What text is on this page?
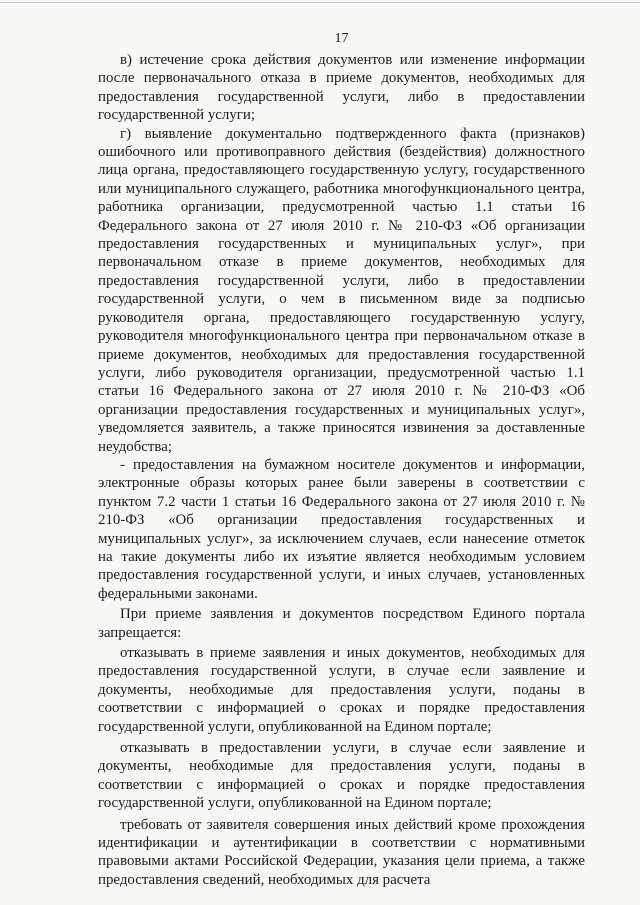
17

в) истечение срока действия документов или изменение информации после первоначального отказа в приеме документов, необходимых для предоставления государственной услуги, либо в предоставлении государственной услуги;

г) выявление документально подтвержденного факта (признаков) ошибочного или противоправного действия (бездействия) должностного лица органа, предоставляющего государственную услугу, государственного или муниципального служащего, работника многофункционального центра, работника организации, предусмотренной частью 1.1 статьи 16 Федерального закона от 27 июля 2010 г. № 210-ФЗ «Об организации предоставления государственных и муниципальных услуг», при первоначальном отказе в приеме документов, необходимых для предоставления государственной услуги, либо в предоставлении государственной услуги, о чем в письменном виде за подписью руководителя органа, предоставляющего государственную услугу, руководителя многофункционального центра при первоначальном отказе в приеме документов, необходимых для предоставления государственной услуги, либо руководителя организации, предусмотренной частью 1.1 статьи 16 Федерального закона от 27 июля 2010 г. № 210-ФЗ «Об организации предоставления государственных и муниципальных услуг», уведомляется заявитель, а также приносятся извинения за доставленные неудобства;

- предоставления на бумажном носителе документов и информации, электронные образы которых ранее были заверены в соответствии с пунктом 7.2 части 1 статьи 16 Федерального закона от 27 июля 2010 г. № 210-ФЗ «Об организации предоставления государственных и муниципальных услуг», за исключением случаев, если нанесение отметок на такие документы либо их изъятие является необходимым условием предоставления государственной услуги, и иных случаев, установленных федеральными законами.

При приеме заявления и документов посредством Единого портала запрещается:

отказывать в приеме заявления и иных документов, необходимых для предоставления государственной услуги, в случае если заявление и документы, необходимые для предоставления услуги, поданы в соответствии с информацией о сроках и порядке предоставления государственной услуги, опубликованной на Едином портале;

отказывать в предоставлении услуги, в случае если заявление и документы, необходимые для предоставления услуги, поданы в соответствии с информацией о сроках и порядке предоставления государственной услуги, опубликованной на Едином портале;

требовать от заявителя совершения иных действий кроме прохождения идентификации и аутентификации в соответствии с нормативными правовыми актами Российской Федерации, указания цели приема, а также предоставления сведений, необходимых для расчета
